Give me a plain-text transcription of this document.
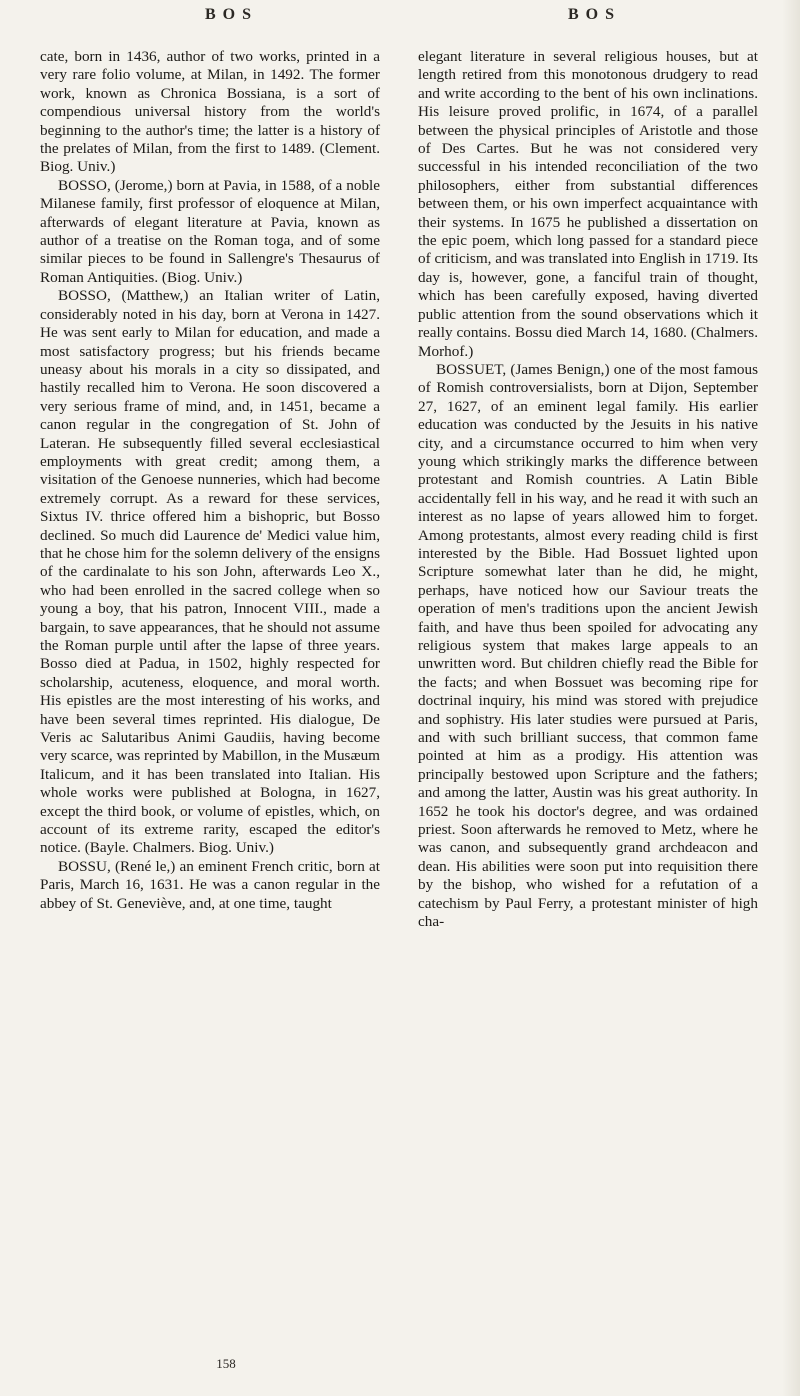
BOS	BOS

cate, born in 1436, author of two works, printed in a very rare folio volume, at Milan, in 1492. The former work, known as Chronica Bossiana, is a sort of compendious universal history from the world's beginning to the author's time; the latter is a history of the prelates of Milan, from the first to 1489. (Clement. Biog. Univ.)

BOSSO, (Jerome,) born at Pavia, in 1588, of a noble Milanese family, first professor of eloquence at Milan, afterwards of elegant literature at Pavia, known as author of a treatise on the Roman toga, and of some similar pieces to be found in Sallengre's Thesaurus of Roman Antiquities. (Biog. Univ.)

BOSSO, (Matthew,) an Italian writer of Latin, considerably noted in his day, born at Verona in 1427. He was sent early to Milan for education, and made a most satisfactory progress; but his friends became uneasy about his morals in a city so dissipated, and hastily recalled him to Verona. He soon discovered a very serious frame of mind, and, in 1451, became a canon regular in the congregation of St. John of Lateran. He subsequently filled several ecclesiastical employments with great credit; among them, a visitation of the Genoese nunneries, which had become extremely corrupt. As a reward for these services, Sixtus IV. thrice offered him a bishopric, but Bosso declined. So much did Laurence de' Medici value him, that he chose him for the solemn delivery of the ensigns of the cardinalate to his son John, afterwards Leo X., who had been enrolled in the sacred college when so young a boy, that his patron, Innocent VIII., made a bargain, to save appearances, that he should not assume the Roman purple until after the lapse of three years. Bosso died at Padua, in 1502, highly respected for scholarship, acuteness, eloquence, and moral worth. His epistles are the most interesting of his works, and have been several times reprinted. His dialogue, De Veris ac Salutaribus Animi Gaudiis, having become very scarce, was reprinted by Mabillon, in the Musæum Italicum, and it has been translated into Italian. His whole works were published at Bologna, in 1627, except the third book, or volume of epistles, which, on account of its extreme rarity, escaped the editor's notice. (Bayle. Chalmers. Biog. Univ.)

BOSSU, (René le,) an eminent French critic, born at Paris, March 16, 1631. He was a canon regular in the abbey of St. Geneviève, and, at one time, taught

elegant literature in several religious houses, but at length retired from this monotonous drudgery to read and write according to the bent of his own inclinations. His leisure proved prolific, in 1674, of a parallel between the physical principles of Aristotle and those of Des Cartes. But he was not considered very successful in his intended reconciliation of the two philosophers, either from substantial differences between them, or his own imperfect acquaintance with their systems. In 1675 he published a dissertation on the epic poem, which long passed for a standard piece of criticism, and was translated into English in 1719. Its day is, however, gone, a fanciful train of thought, which has been carefully exposed, having diverted public attention from the sound observations which it really contains. Bossu died March 14, 1680. (Chalmers. Morhof.)

BOSSUET, (James Benign,) one of the most famous of Romish controversialists, born at Dijon, September 27, 1627, of an eminent legal family. His earlier education was conducted by the Jesuits in his native city, and a circumstance occurred to him when very young which strikingly marks the difference between protestant and Romish countries. A Latin Bible accidentally fell in his way, and he read it with such an interest as no lapse of years allowed him to forget. Among protestants, almost every reading child is first interested by the Bible. Had Bossuet lighted upon Scripture somewhat later than he did, he might, perhaps, have noticed how our Saviour treats the operation of men's traditions upon the ancient Jewish faith, and have thus been spoiled for advocating any religious system that makes large appeals to an unwritten word. But children chiefly read the Bible for the facts; and when Bossuet was becoming ripe for doctrinal inquiry, his mind was stored with prejudice and sophistry. His later studies were pursued at Paris, and with such brilliant success, that common fame pointed at him as a prodigy. His attention was principally bestowed upon Scripture and the fathers; and among the latter, Austin was his great authority. In 1652 he took his doctor's degree, and was ordained priest. Soon afterwards he removed to Metz, where he was canon, and subsequently grand archdeacon and dean. His abilities were soon put into requisition there by the bishop, who wished for a refutation of a catechism by Paul Ferry, a protestant minister of high cha-

158
